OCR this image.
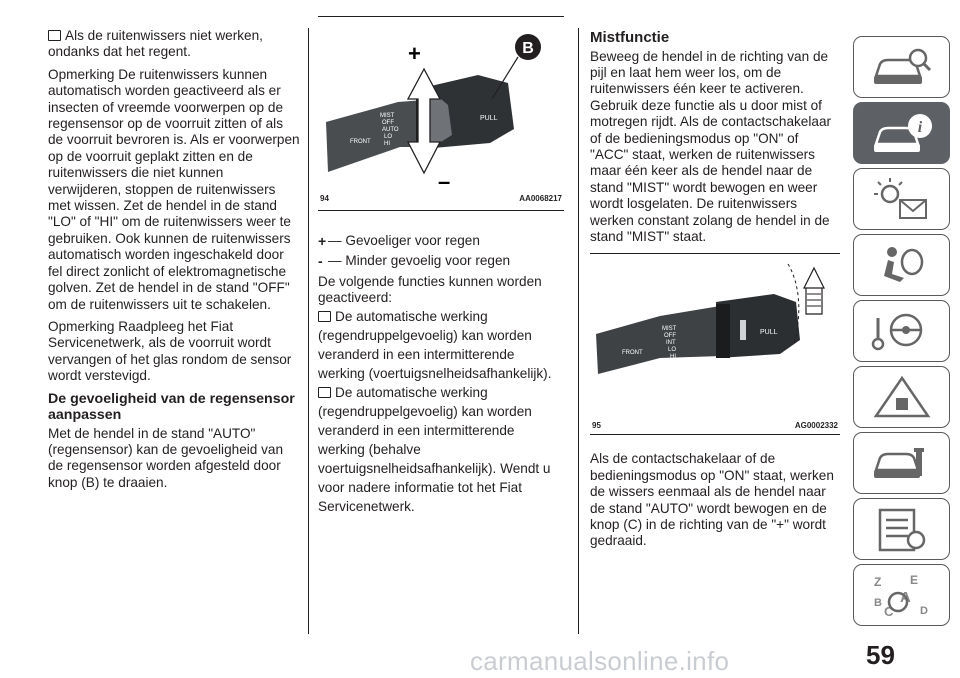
Als de ruitenwissers niet werken,
ondanks dat het regent.

Opmerking De ruitenwissers kunnen automatisch worden geactiveerd als er insecten of vreemde voorwerpen op de regensensor op de voorruit zitten of als de voorruit bevroren is. Als er voorwerpen op de voorruit geplakt zitten en de ruitenwissers die niet kunnen verwijderen, stoppen de ruitenwissers met wissen. Zet de hendel in de stand "LO" of "HI" om de ruitenwissers weer te gebruiken. Ook kunnen de ruitenwissers automatisch worden ingeschakeld door fel direct zonlicht of elektromagnetische golven. Zet de hendel in de stand "OFF" om de ruitenwissers uit te schakelen.

Opmerking Raadpleeg het Fiat Servicenetwerk, als de voorruit wordt vervangen of het glas rondom de sensor wordt verstevigd.

De gevoeligheid van de regensensor aanpassen

Met de hendel in de stand "AUTO" (regensensor) kan de gevoeligheid van de regensensor worden afgesteld door knop (B) te draaien.

+
–
B
FRONT
MIST
OFF
AUTO
LO
HI
PULL
94	AA0068217
+ — Gevoeliger voor regen
- — Minder gevoelig voor regen

De volgende functies kunnen worden geactiveerd:

De automatische werking (regendruppelgevoelig) kan worden veranderd in een intermitterende werking (voertuigsnelheidsafhankelijk).

De automatische werking (regendruppelgevoelig) kan worden veranderd in een intermitterende werking (behalve voertuigsnelheidsafhankelijk). Wendt u voor nadere informatie tot het Fiat Servicenetwerk.

Mistfunctie

Beweeg de hendel in de richting van de pijl en laat hem weer los, om de ruitenwissers één keer te activeren. Gebruik deze functie als u door mist of motregen rijdt. Als de contactschakelaar of de bedieningsmodus op "ON" of "ACC" staat, werken de ruitenwissers maar één keer als de hendel naar de stand "MIST" wordt bewogen en weer wordt losgelaten. De ruitenwissers werken constant zolang de hendel in de stand "MIST" staat.

FRONT
MIST
OFF
INT
LO
HI
PULL
95	AG0002332

Als de contactschakelaar of de bedieningsmodus op "ON" staat, werken de wissers eenmaal als de hendel naar de stand "AUTO" wordt bewogen en de knop (C) in de richting van de "+" wordt gedraaid.

i
Z E
A
B
C D
carmanualsonline.info	59
